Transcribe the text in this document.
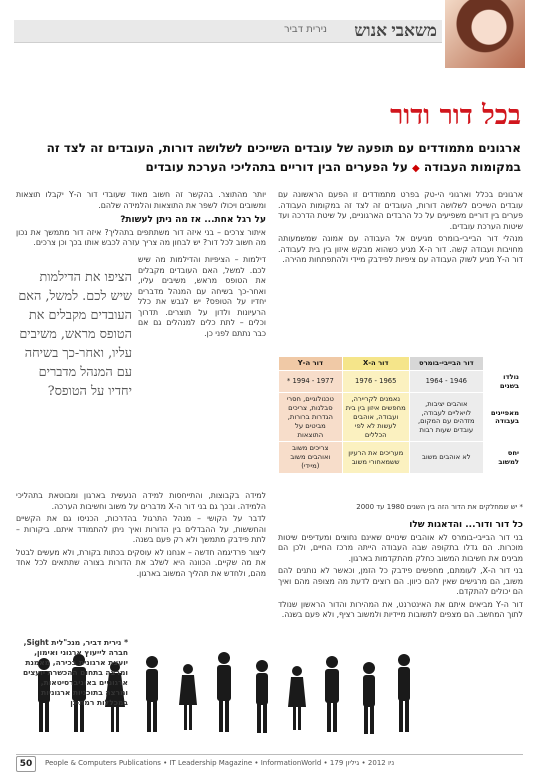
משאבי אנוש
נירית דביר
בכל דור ודור
ארגונים מתמודדים עם תופעה של עובדים השייכים לשלושה דורות, העובדים זה לצד זה
במקומות העבודה ◆ על הפערים הבין דוריים בתהליכי הערכת עובדים

ארגונים בכלל וארגוני הי-טק בפרט מתמודדים זו הפעם הראשונה עם עובדים השייכים לשלושה דורות, העובדים זה לצד זה במקומות העבודה. פערים בין דוריים משפיעים על כל הרבדים הארגוניים, על שיטת הדרכה ועד שיטות הערכת עובדים.

מנהלי דור הבייבי-בומרס מגיעים אל העבודה עם אמונה שמשמעותה מחויבות ועבודה קשה. דור ה-X מגיע כשהוא מבקש איזון בין בית לעבודה. דור ה-Y מגיע לשוק העבודה עם ציפיות לפידבק מיידי ולהתפתחות מהירה.

	דור הבייבי-בומרס	דור ה-X	דור ה-Y
נולדו בשנים	1946 - 1964	1965 - 1976	1977 - 1994 *
מאפיינים בעבודה	אוהבים יציבות, לויאליים לעבודה, מזדהים עם המקום, עובדים שעות רבות	נאמנים לקריירה, מחפשים איזון בין בית ועבודה, אוהבים לעשות לא לפי הכללים	טכנולוגיים, חסרי סבלנות, צריכים הגדרות ברורות, מביטים על התוצאות
יחס למשוב	לא אוהבים משוב	מעריכים את הרעיון ששמאחורי משוב	צריכים משוב ואוהבים משוב (מיידי)
* יש שמחלקים את הדור הזה בין השנים 1980 עד 2000
כל דור ודור... והדאגות שלו

בני דור הבייבי-בומרס לא אוהבים שינויים שאינם נחוצים ומעדיפים שיטות מוכרות. הם גדלו בתקופה שבה העבודה הייתה מרכז החיים, ולכן הם מבינים את חשיבות המשוב כחלק מהתקדמות בארגון.

בני דור ה-X, לעומתם, מחפשים פידבק כל הזמן, וכאשר לא נותנים להם משוב, הם מרגישים שאין להם כיוון. הם רוצים לדעת מה מצופה מהם ואיך הם יכולים להתקדם.

דור ה-Y מביאים איתם את האינטרנט, את המהירות והדור הראשון שנולד לתוך המחשב. הם מצפים לתשובות מיידיות ולמשוב רציף, ולא פעם בשנה.

יותר מהתוצר. בהקשר זה חשוב מאוד שעובדי דור ה-Y יקבלו תוצאות ומשובים ויכולו לשפר את התוצאות והלמידה שלהם.

על רגל אחת... אז מה ניתן לעשות?

איתור צרכים – בני איזה דור משתתפים בתהליך? איזה דור מתמשך את נכון מה חשוב לכל דור? יש לבחון מה צריך עזרה לכבש אותו בכך וכן צרכים.

דילמות – הציפיות והדילמות מה שיש לכם. למשל, האם העובדים מקבלים את הטופס מראש, משיבים עליו, ואחר-כך בשיחה עם המנהל מדברים יחדיו על הטופס? יש לגבש את כלל הרעיונות ולדון על תוצרים. תדרוך וכלים – לתת כלים למנהלים גם אם כבר נתתם לפני כן.

הציפו את הדילמות שיש לכם. למשל, האם העובדים מקבלים את הטופס מראש, משיבים עליו, ואחר-כך בשיחה עם המנהל מדברים יחדיו על הטופס?

למידה בקבוצות, והתייחסות למידה הנעשית בארגון ומבוטאת בתהליכי הלמידה. ובכך גם בני דור ה-X מדברים על משוב וחשיבות הערכה.

לדבר על הקושי – מנהל התרגול בהדרכות, הכניסו גם את הקשיים והחששות, על ההבדלים בין הדורות ואיך ניתן להתמודד איתם. ביקורות – לתת פידבק מתמשך ולא רק פעם בשנה.

ליצור פרדיגמה חדשה – אנחנו לא עוסקים בכתות בקורת, ולא מעשים לבטל את מה שקיים. הכוונה היא לשלב את הדורות בצורה שתתאים לכל אחד מהם, ולחדש את תהליך המשוב בארגון.

* נירית דביר, מנכ"לית Sight, חברה לייעוץ ארגוני ואימון, יועצת ארגונית בכירה, מאמנת ומרצה בתחום ההכשרת יועצים ארגוניים באוניברסיטאות, ומרצה בתוכניות ארגוניות במכללות רמת-גן
50	People & Computers Publications • IT Leadership Magazine • InformationWorld • ניו 2012 • גיליון 179
